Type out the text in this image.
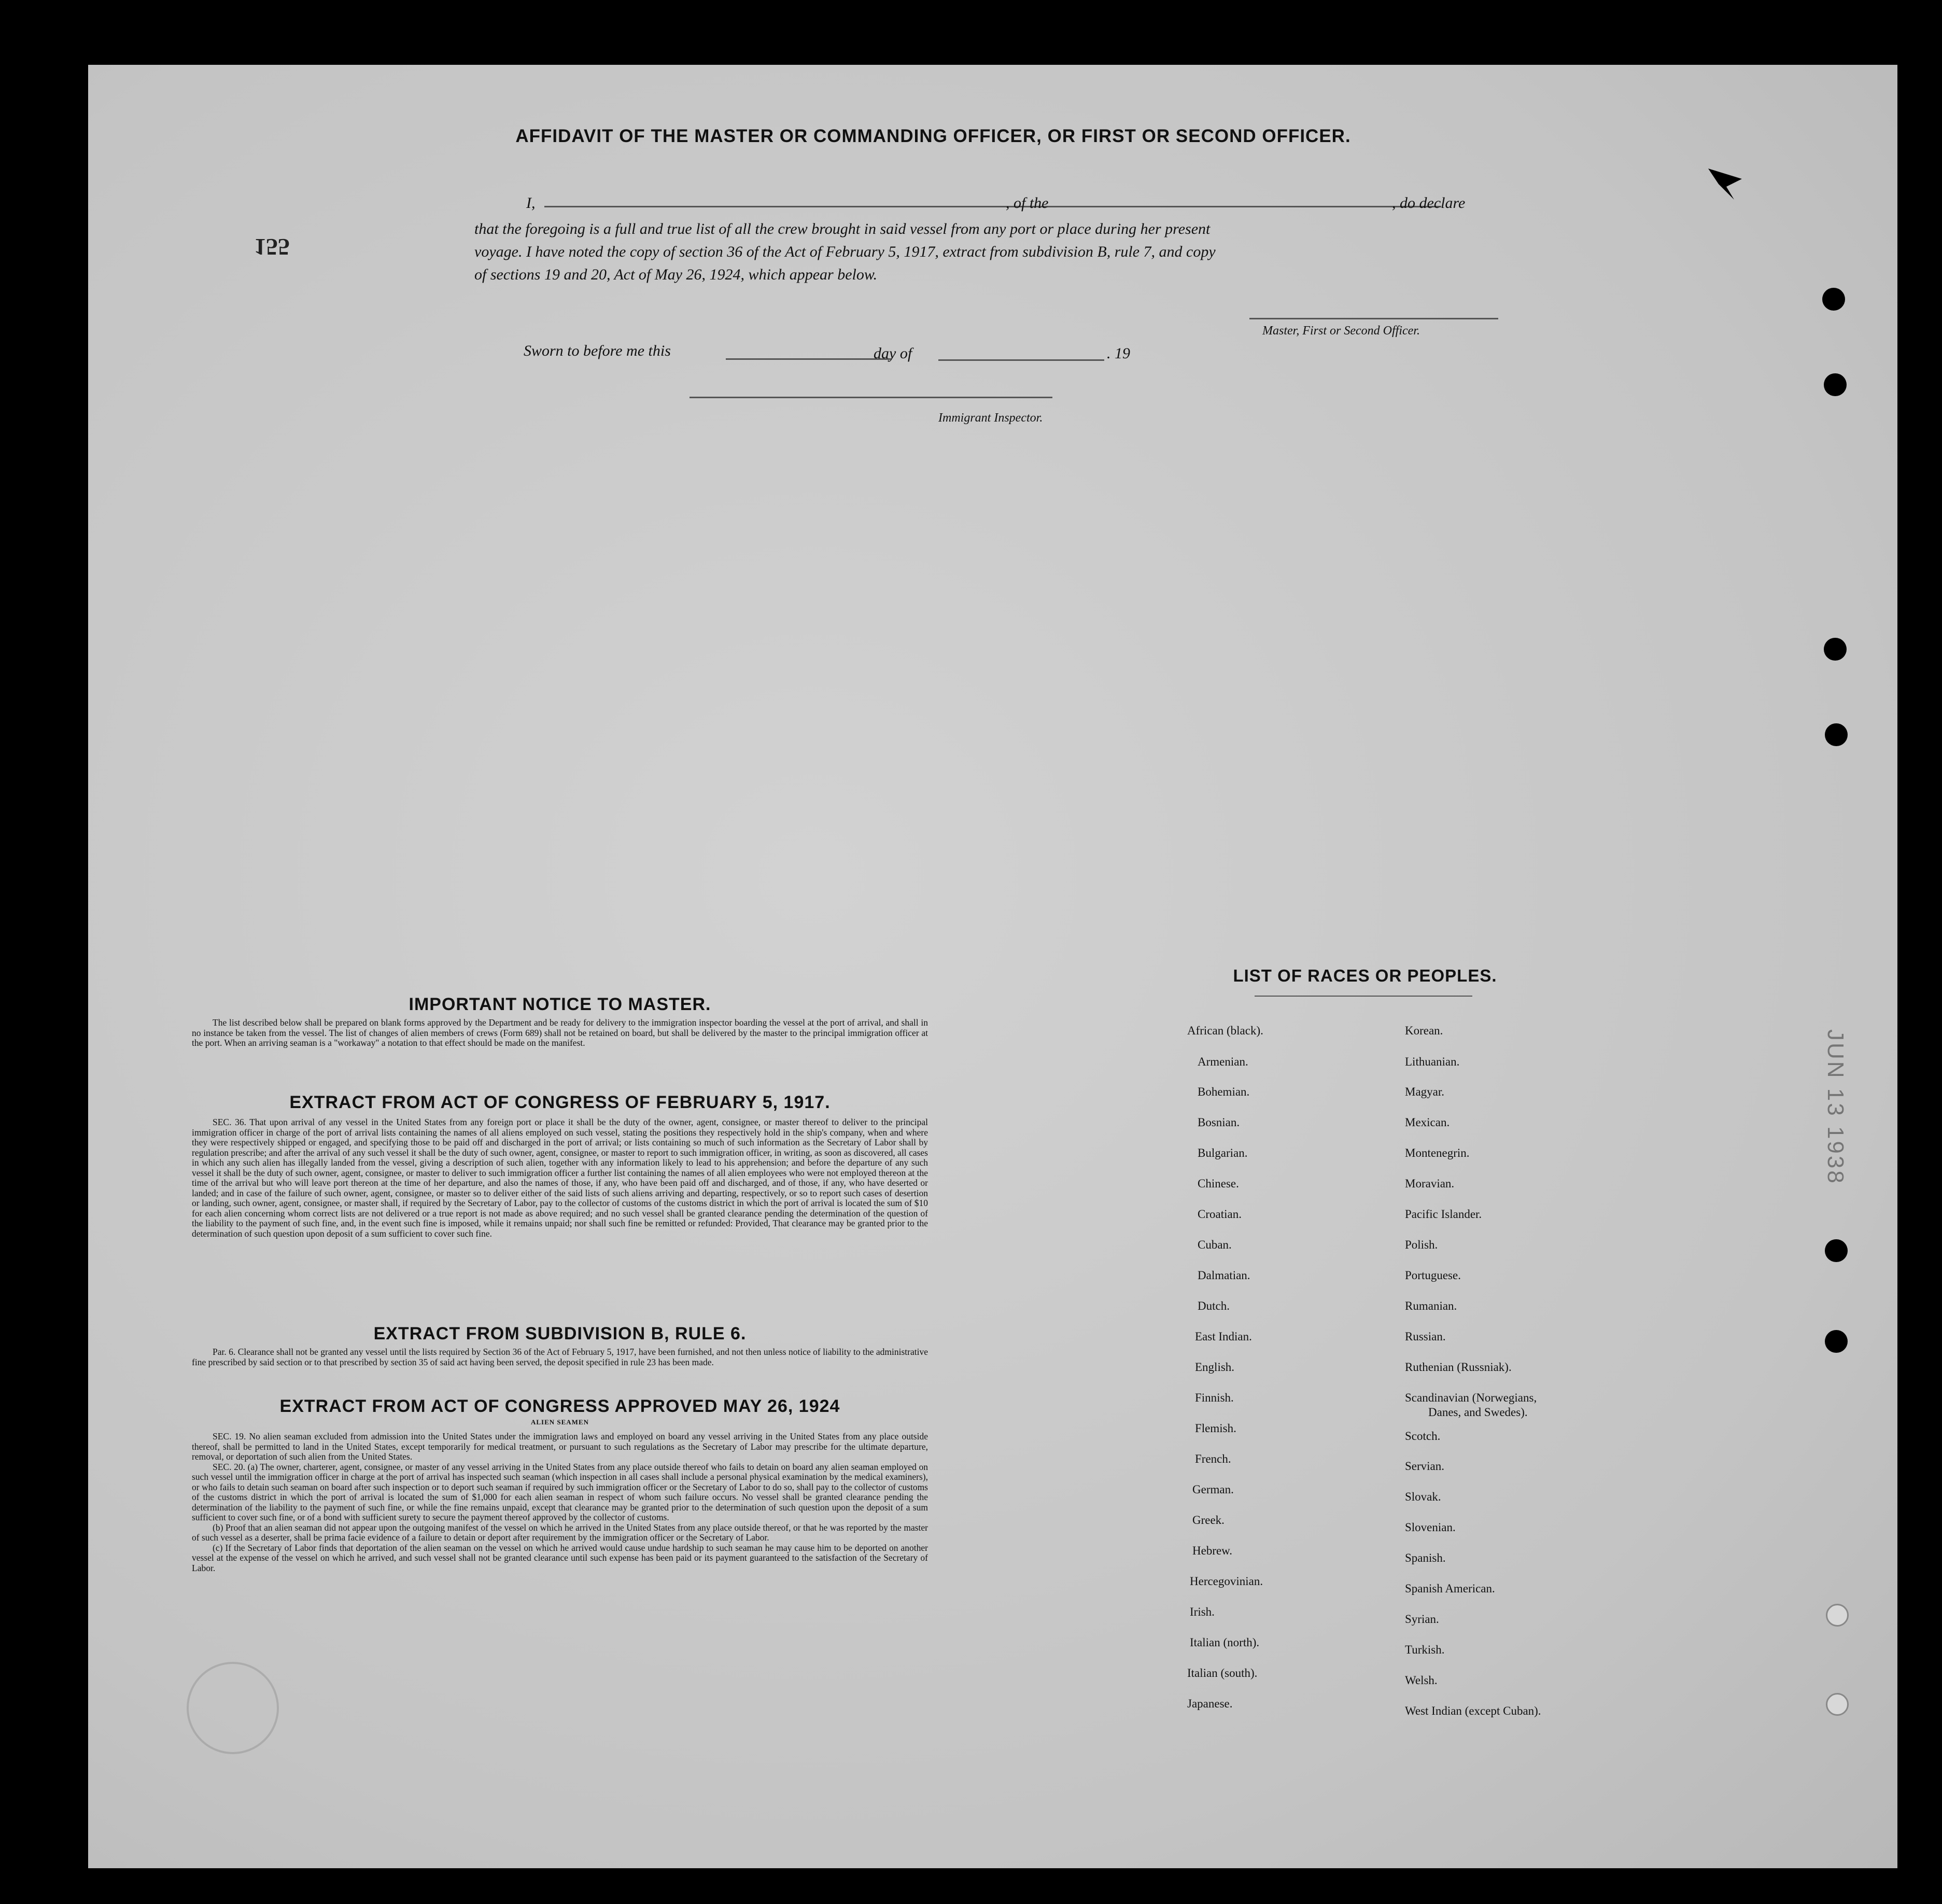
155
AFFIDAVIT OF THE MASTER OR COMMANDING OFFICER, OR FIRST OR SECOND OFFICER.
I,	, of the	, do declare
that the foregoing is a full and true list of all the crew brought in said vessel from any port or place during her present
voyage. I have noted the copy of section 36 of the Act of February 5, 1917, extract from subdivision B, rule 7, and copy
of sections 19 and 20, Act of May 26, 1924, which appear below.
Master, First or Second Officer.
Sworn to before me this	day of	. 19
Immigrant Inspector.
IMPORTANT NOTICE TO MASTER.

The list described below shall be prepared on blank forms approved by the Department and be ready for delivery to the immigration inspector boarding the vessel at the port of arrival, and shall in no instance be taken from the vessel. The list of changes of alien members of crews (Form 689) shall not be retained on board, but shall be delivered by the master to the principal immigration officer at the port. When an arriving seaman is a "workaway" a notation to that effect should be made on the manifest.

EXTRACT FROM ACT OF CONGRESS OF FEBRUARY 5, 1917.

SEC. 36. That upon arrival of any vessel in the United States from any foreign port or place it shall be the duty of the owner, agent, consignee, or master thereof to deliver to the principal immigration officer in charge of the port of arrival lists containing the names of all aliens employed on such vessel, stating the positions they respectively hold in the ship's company, when and where they were respectively shipped or engaged, and specifying those to be paid off and discharged in the port of arrival; or lists containing so much of such information as the Secretary of Labor shall by regulation prescribe; and after the arrival of any such vessel it shall be the duty of such owner, agent, consignee, or master to report to such immigration officer, in writing, as soon as discovered, all cases in which any such alien has illegally landed from the vessel, giving a description of such alien, together with any information likely to lead to his apprehension; and before the departure of any such vessel it shall be the duty of such owner, agent, consignee, or master to deliver to such immigration officer a further list containing the names of all alien employees who were not employed thereon at the time of the arrival but who will leave port thereon at the time of her departure, and also the names of those, if any, who have been paid off and discharged, and of those, if any, who have deserted or landed; and in case of the failure of such owner, agent, consignee, or master so to deliver either of the said lists of such aliens arriving and departing, respectively, or so to report such cases of desertion or landing, such owner, agent, consignee, or master shall, if required by the Secretary of Labor, pay to the collector of customs of the customs district in which the port of arrival is located the sum of $10 for each alien concerning whom correct lists are not delivered or a true report is not made as above required; and no such vessel shall be granted clearance pending the determination of the question of the liability to the payment of such fine, and, in the event such fine is imposed, while it remains unpaid; nor shall such fine be remitted or refunded: Provided, That clearance may be granted prior to the determination of such question upon deposit of a sum sufficient to cover such fine.

EXTRACT FROM SUBDIVISION B, RULE 6.

Par. 6. Clearance shall not be granted any vessel until the lists required by Section 36 of the Act of February 5, 1917, have been furnished, and not then unless notice of liability to the administrative fine prescribed by said section or to that prescribed by section 35 of said act having been served, the deposit specified in rule 23 has been made.

EXTRACT FROM ACT OF CONGRESS APPROVED MAY 26, 1924
ALIEN SEAMEN

SEC. 19. No alien seaman excluded from admission into the United States under the immigration laws and employed on board any vessel arriving in the United States from any place outside thereof, shall be permitted to land in the United States, except temporarily for medical treatment, or pursuant to such regulations as the Secretary of Labor may prescribe for the ultimate departure, removal, or deportation of such alien from the United States.

SEC. 20. (a) The owner, charterer, agent, consignee, or master of any vessel arriving in the United States from any place outside thereof who fails to detain on board any alien seaman employed on such vessel until the immigration officer in charge at the port of arrival has inspected such seaman (which inspection in all cases shall include a personal physical examination by the medical examiners), or who fails to detain such seaman on board after such inspection or to deport such seaman if required by such immigration officer or the Secretary of Labor to do so, shall pay to the collector of customs of the customs district in which the port of arrival is located the sum of $1,000 for each alien seaman in respect of whom such failure occurs. No vessel shall be granted clearance pending the determination of the liability to the payment of such fine, or while the fine remains unpaid, except that clearance may be granted prior to the determination of such question upon the deposit of a sum sufficient to cover such fine, or of a bond with sufficient surety to secure the payment thereof approved by the collector of customs.

(b) Proof that an alien seaman did not appear upon the outgoing manifest of the vessel on which he arrived in the United States from any place outside thereof, or that he was reported by the master of such vessel as a deserter, shall be prima facie evidence of a failure to detain or deport after requirement by the immigration officer or the Secretary of Labor.

(c) If the Secretary of Labor finds that deportation of the alien seaman on the vessel on which he arrived would cause undue hardship to such seaman he may cause him to be deported on another vessel at the expense of the vessel on which he arrived, and such vessel shall not be granted clearance until such expense has been paid or its payment guaranteed to the satisfaction of the Secretary of Labor.

LIST OF RACES OR PEOPLES.
African (black).
Armenian.
Bohemian.
Bosnian.
Bulgarian.
Chinese.
Croatian.
Cuban.
Dalmatian.
Dutch.
East Indian.
English.
Finnish.
Flemish.
French.
German.
Greek.
Hebrew.
Hercegovinian.
Irish.
Italian (north).
Italian (south).
Japanese.
Korean.
Lithuanian.
Magyar.
Mexican.
Montenegrin.
Moravian.
Pacific Islander.
Polish.
Portuguese.
Rumanian.
Russian.
Ruthenian (Russniak).
Scandinavian (Norwegians,
Danes, and Swedes).
Scotch.
Servian.
Slovak.
Slovenian.
Spanish.
Spanish American.
Syrian.
Turkish.
Welsh.
West Indian (except Cuban).
JUN 13 1938
